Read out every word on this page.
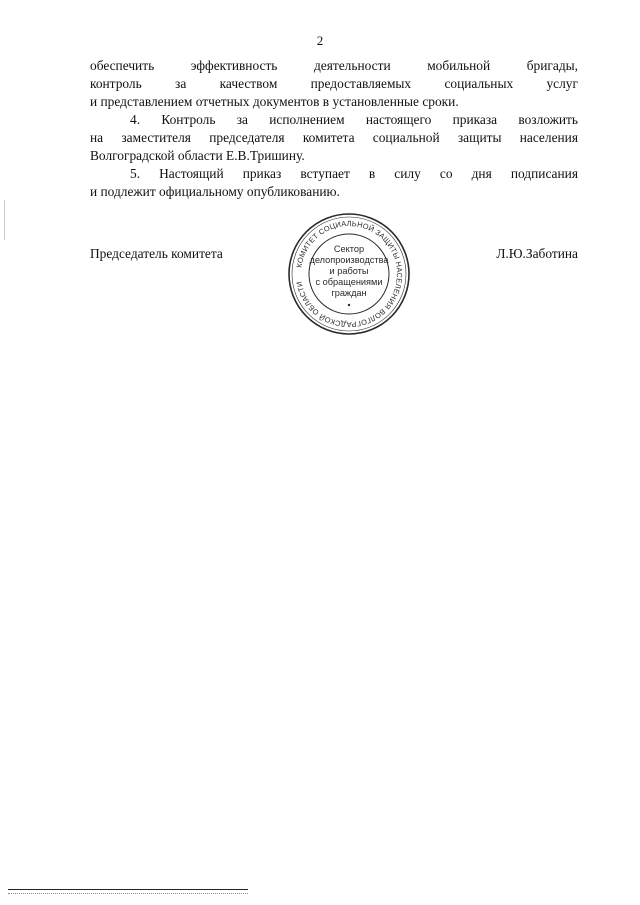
2
обеспечить эффективность деятельности мобильной бригады,
контроль за качеством предоставляемых социальных услуг
и представлением отчетных документов в установленные сроки.
4. Контроль за исполнением настоящего приказа возложить
на заместителя председателя комитета социальной защиты населения
Волгоградской области Е.В.Тришину.
5. Настоящий приказ вступает в силу со дня подписания
и подлежит официальному опубликованию.
Председатель комитета
КОМИТЕТ СОЦИАЛЬНОЙ ЗАЩИТЫ НАСЕЛЕНИЯ ВОЛГОГРАДСКОЙ ОБЛАСТИ
Сектор
делопроизводства
и работы
с обращениями
граждан
Л.Ю.Заботина
